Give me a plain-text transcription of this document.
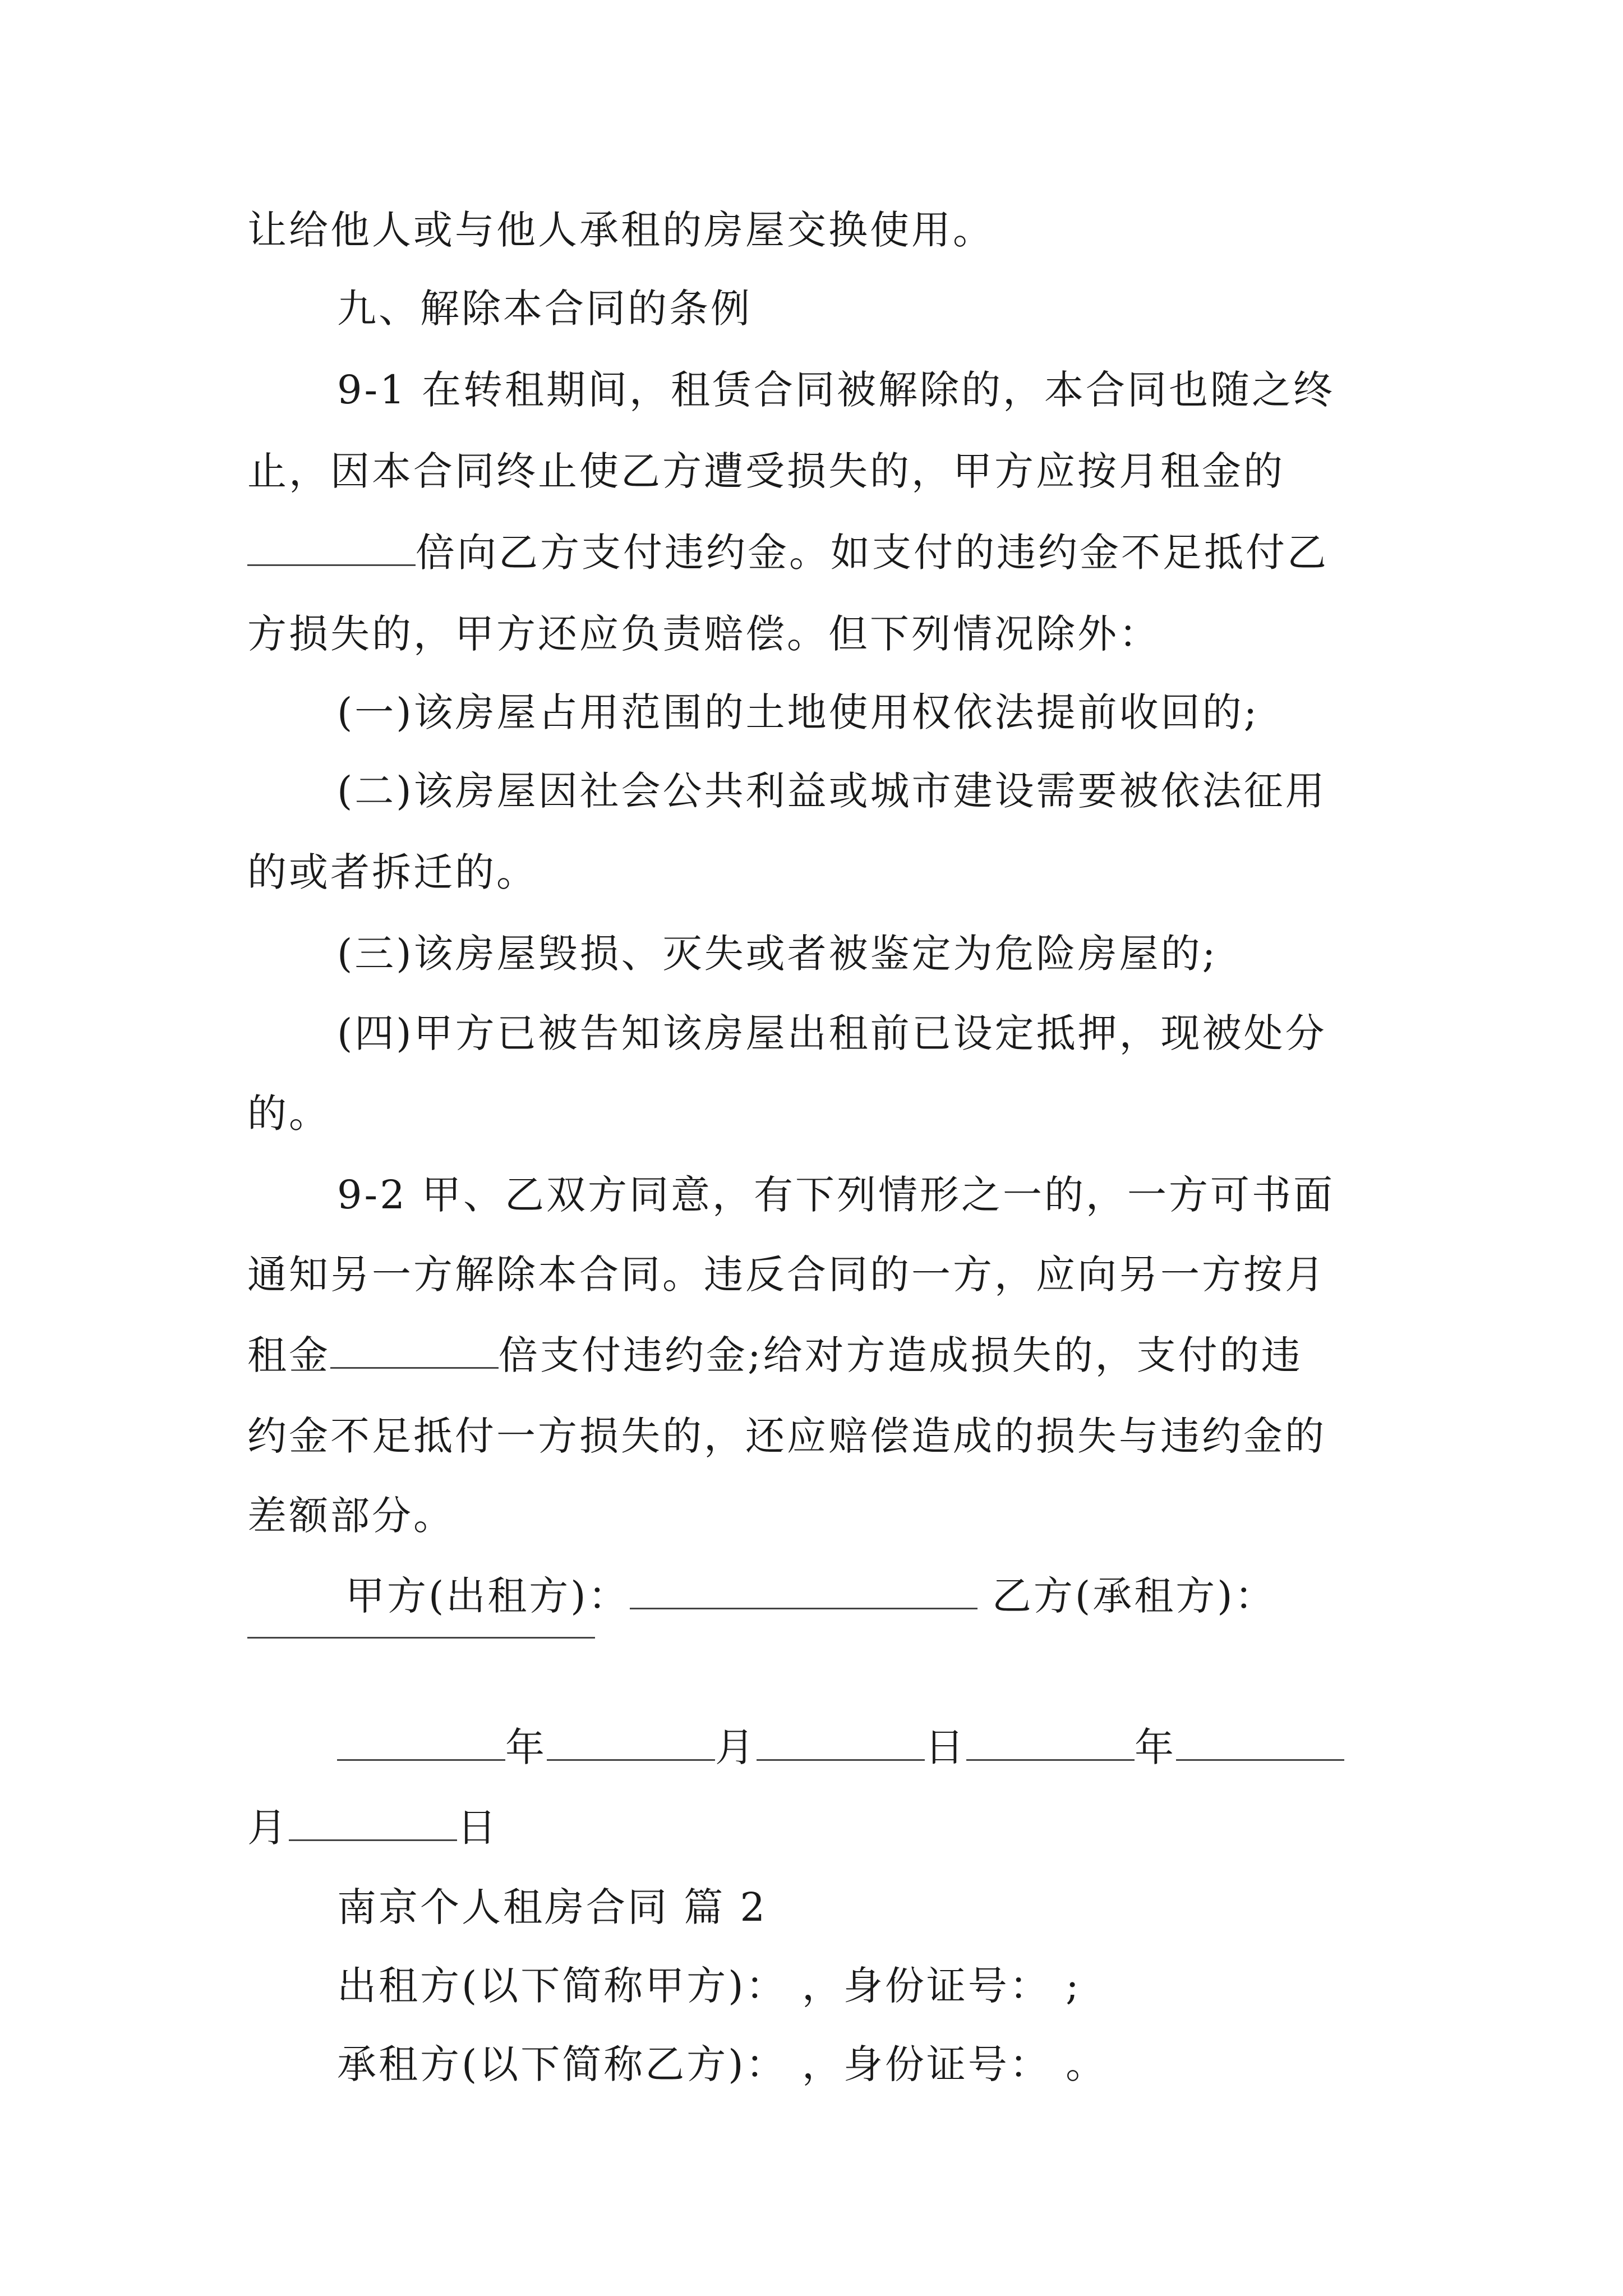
让给他人或与他人承租的房屋交换使用。
九、解除本合同的条例
9-1 在转租期间，租赁合同被解除的，本合同也随之终
止，因本合同终止使乙方遭受损失的，甲方应按月租金的
倍向乙方支付违约金。如支付的违约金不足抵付乙
方损失的，甲方还应负责赔偿。但下列情况除外：
(一)该房屋占用范围的土地使用权依法提前收回的;
(二)该房屋因社会公共利益或城市建设需要被依法征用
的或者拆迁的。
(三)该房屋毁损、灭失或者被鉴定为危险房屋的;
(四)甲方已被告知该房屋出租前已设定抵押，现被处分
的。
9-2 甲、乙双方同意，有下列情形之一的，一方可书面
通知另一方解除本合同。违反合同的一方，应向另一方按月
租金	倍支付违约金;给对方造成损失的，支付的违
约金不足抵付一方损失的，还应赔偿造成的损失与违约金的
差额部分。
甲方(出租方)：	乙方(承租方)：
年	月	日	年
月	日
南京个人租房合同 篇 2
出租方(以下简称甲方)： ，身份证号： ;
承租方(以下简称乙方)： ，身份证号： 。
